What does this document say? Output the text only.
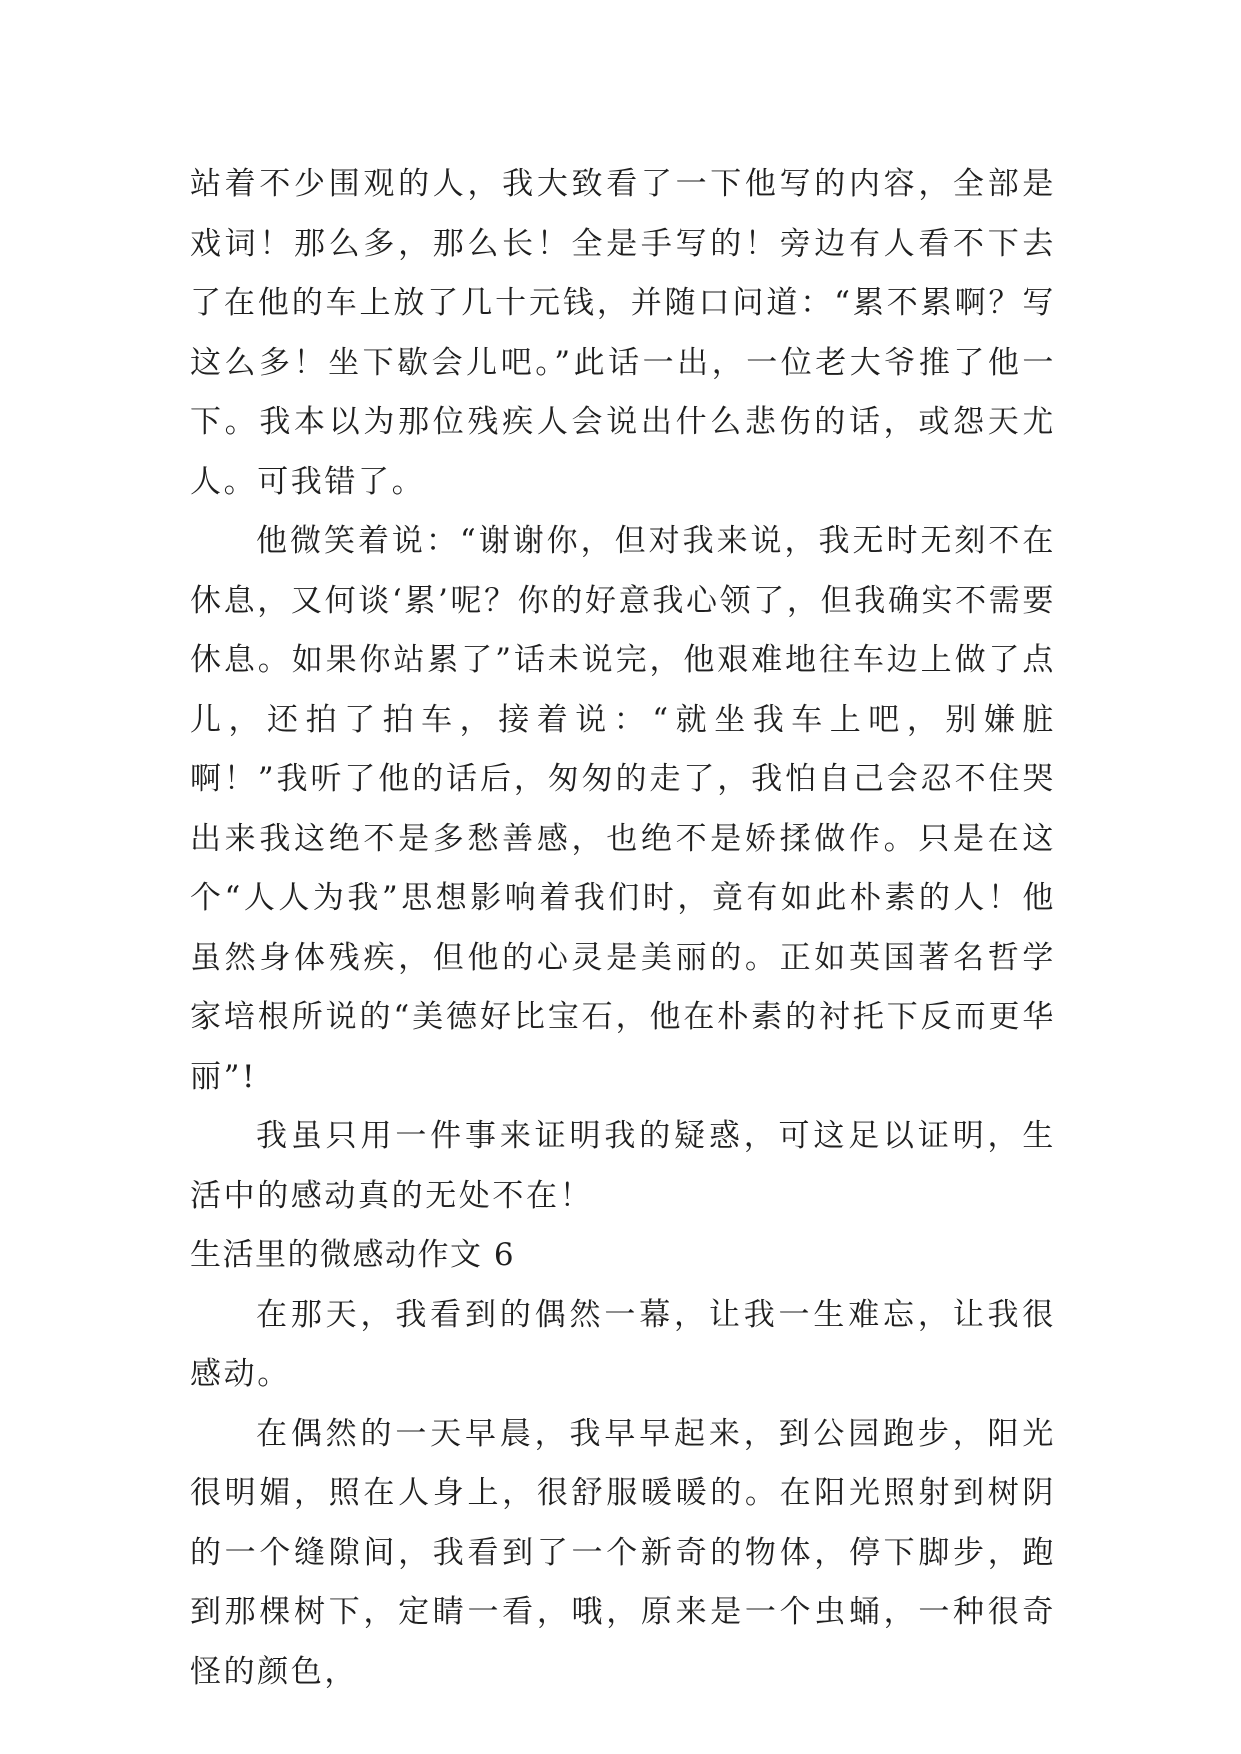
站着不少围观的人，我大致看了一下他写的内容，全部是戏词！那么多，那么长！全是手写的！旁边有人看不下去了在他的车上放了几十元钱，并随口问道：“累不累啊？写这么多！坐下歇会儿吧。”此话一出，一位老大爷推了他一下。我本以为那位残疾人会说出什么悲伤的话，或怨天尤人。可我错了。

他微笑着说：“谢谢你，但对我来说，我无时无刻不在休息，又何谈‘累’呢？你的好意我心领了，但我确实不需要休息。如果你站累了”话未说完，他艰难地往车边上做了点儿，还拍了拍车，接着说：“就坐我车上吧，别嫌脏啊！”我听了他的话后，匆匆的走了，我怕自己会忍不住哭出来我这绝不是多愁善感，也绝不是娇揉做作。只是在这个“人人为我”思想影响着我们时，竟有如此朴素的人！他虽然身体残疾，但他的心灵是美丽的。正如英国著名哲学家培根所说的“美德好比宝石，他在朴素的衬托下反而更华丽”!

我虽只用一件事来证明我的疑惑，可这足以证明，生活中的感动真的无处不在！

生活里的微感动作文 6

在那天，我看到的偶然一幕，让我一生难忘，让我很感动。

在偶然的一天早晨，我早早起来，到公园跑步，阳光很明媚，照在人身上，很舒服暖暖的。在阳光照射到树阴的一个缝隙间，我看到了一个新奇的物体，停下脚步，跑到那棵树下，定睛一看，哦，原来是一个虫蛹，一种很奇怪的颜色，
